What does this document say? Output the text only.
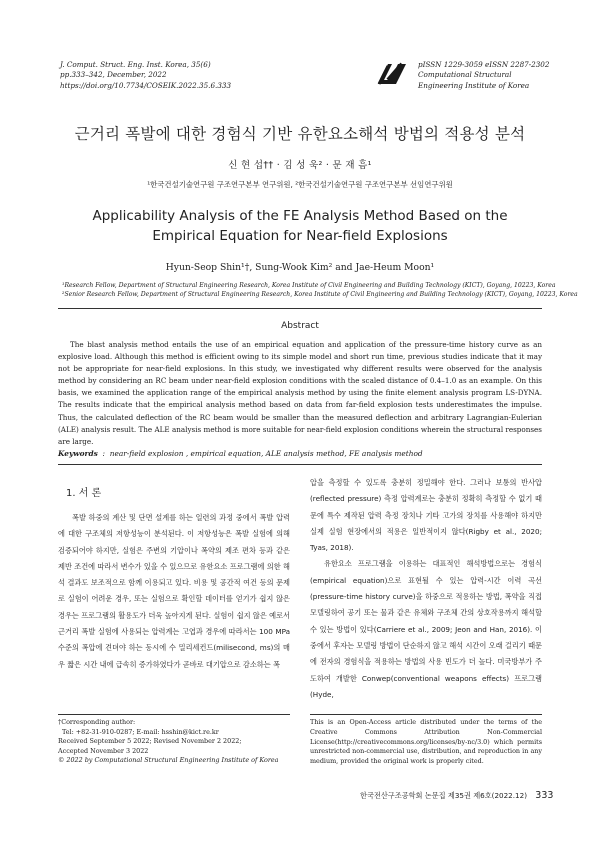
J. Comput. Struct. Eng. Inst. Korea, 35(6)
pp.333–342, December, 2022
https://doi.org/10.7734/COSEIK.2022.35.6.333
pISSN 1229-3059 eISSN 2287-2302
Computational Structural
Engineering Institute of Korea
근거리 폭발에 대한 경험식 기반 유한요소해석 방법의 적용성 분석
신 현 섭†† · 김 성 욱² · 문 재 흠¹
¹한국건설기술연구원 구조연구본부 연구위원, ²한국건설기술연구원 구조연구본부 선임연구위원
Applicability Analysis of the FE Analysis Method Based on the
Empirical Equation for Near-field Explosions
Hyun-Seop Shin¹†, Sung-Wook Kim² and Jae-Heum Moon¹
¹Research Fellow, Department of Structural Engineering Research, Korea Institute of Civil Engineering and Building Technology (KICT), Goyang, 10223, Korea
²Senior Research Fellow, Department of Structural Engineering Research, Korea Institute of Civil Engineering and Building Technology (KICT), Goyang, 10223, Korea
Abstract
The blast analysis method entails the use of an empirical equation and application of the pressure-time history curve as an explosive load. Although this method is efficient owing to its simple model and short run time, previous studies indicate that it may not be appropriate for near-field explosions. In this study, we investigated why different results were observed for the analysis method by considering an RC beam under near-field explosion conditions with the scaled distance of 0.4–1.0 as an example. On this basis, we examined the application range of the empirical analysis method by using the finite element analysis program LS-DYNA. The results indicate that the empirical analysis method based on data from far-field explosion tests underestimates the impulse. Thus, the calculated deflection of the RC beam would be smaller than the measured deflection and arbitrary Lagrangian-Eulerian (ALE) analysis result. The ALE analysis method is more suitable for near-field explosion conditions wherein the structural responses are large.
Keywords  :  near-field explosion , empirical equation, ALE analysis method, FE analysis method
1. 서 론

폭발 하중의 계산 및 단면 설계를 하는 일련의 과정 중에서 폭발 압력에 대한 구조체의 저항성능이 분석된다. 이 저항성능은 폭발 실험에 의해 검증되어야 하지만, 실험은 주변의 기압이나 폭약의 제조 편차 등과 같은 제반 조건에 따라서 변수가 있을 수 있으므로 유한요소 프로그램에 의한 해석 결과도 보조적으로 함께 이용되고 있다. 비용 및 공간적 여건 등의 문제로 실험이 어려운 경우, 또는 실험으로 확인할 데이터를 얻기가 쉽지 않은 경우는 프로그램의 활용도가 더욱 높아지게 된다. 실험이 쉽지 않은 예로서 근거리 폭발 실험에 사용되는 압력계는 고엽과 경우에 따라서는 100 MPa 수준의 폭압에 견뎌야 하는 동시에 수 밀리세컨드(milisecond, ms)의 매우 짧은 시간 내에 급속히 증가하였다가 곧바로 대기압으로 감소하는 폭

압을 측정할 수 있도록 충분히 정밀해야 한다. 그러나 보통의 반사압(reflected pressure) 측정 압력계로는 충분히 정확히 측정할 수 없기 때문에 특수 제작된 압력 측정 장치나 기타 고가의 장치를 사용해야 하지만 실제 실험 현장에서의 적용은 일반적이지 않다(Rigby et al., 2020; Tyas, 2018).

유한요소 프로그램을 이용하는 대표적인 해석방법으로는 경험식(empirical equation)으로 표현될 수 있는 압력-시간 이력 곡선(pressure-time history curve)을 하중으로 적용하는 방법, 폭약을 직접 모델링하여 공기 또는 물과 같은 유체와 구조체 간의 상호작용까지 해석할 수 있는 방법이 있다(Carriere et al., 2009; Jeon and Han, 2016). 이중에서 후자는 모델링 방법이 단순하지 않고 해석 시간이 오래 걸리기 때문에 전자의 경험식을 적용하는 방법의 사용 빈도가 더 높다. 미국방부가 주도하여 개발한 Conwep(conventional weapons effects) 프로그램(Hyde,

†Corresponding author:
Tel: +82-31-910-0287; E-mail: hsshin@kict.re.kr
Received September 5 2022; Revised November 2 2022;
Accepted November 3 2022
© 2022 by Computational Structural Engineering Institute of Korea
This is an Open-Access article distributed under the terms of the Creative Commons Attribution Non-Commercial License(http://creativecommons.org/licenses/by-nc/3.0) which permits unrestricted non-commercial use, distribution, and reproduction in any medium, provided the original work is properly cited.
한국전산구조공학회 논문집 제35권 제6호(2022.12) 333
